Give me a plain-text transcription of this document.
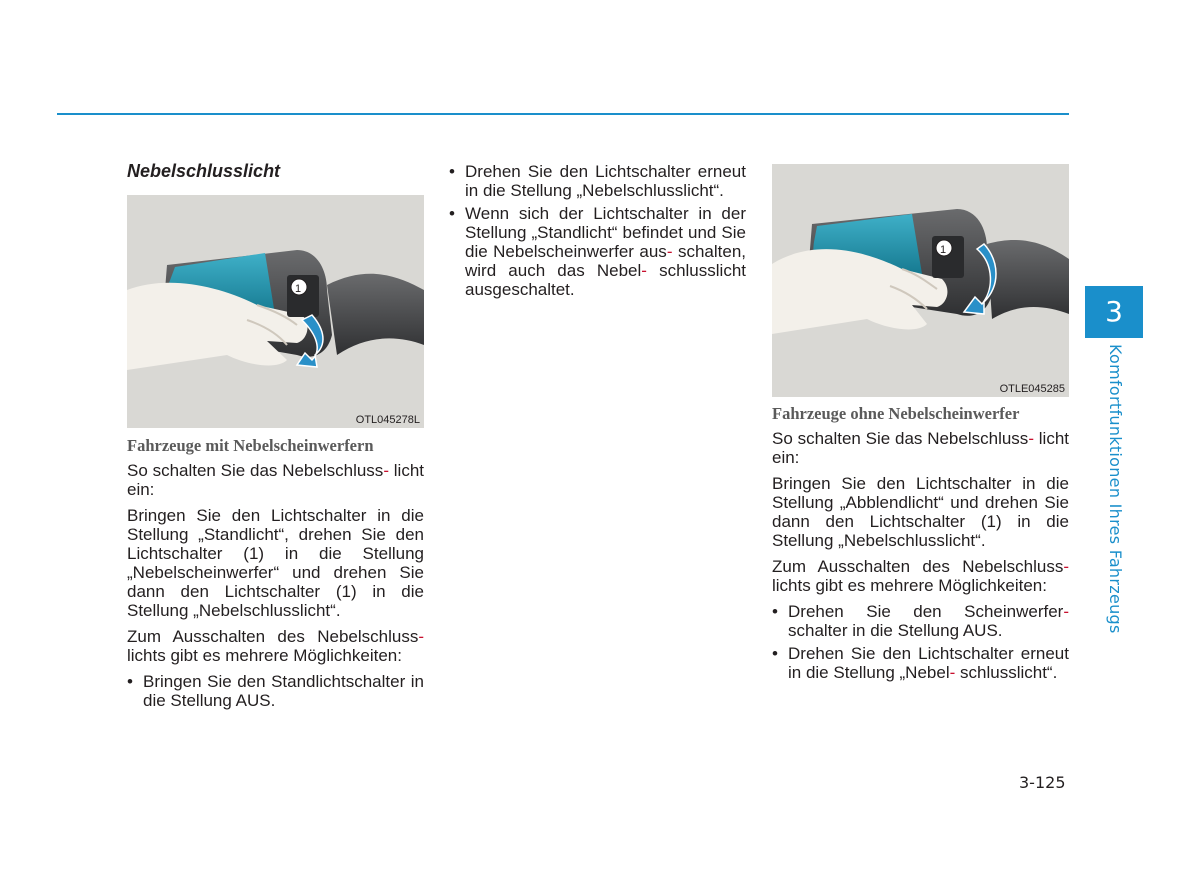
Nebelschlusslicht
1
OTL045278L
Fahrzeuge mit Nebelscheinwerfern

So schalten Sie das Nebelschluss- licht ein:

Bringen Sie den Lichtschalter in die Stellung „Standlicht“, drehen Sie den Lichtschalter (1) in die Stellung „Nebelscheinwerfer“ und drehen Sie dann den Lichtschalter (1) in die Stellung „Nebelschlusslicht“.

Zum Ausschalten des Nebelschluss- lichts gibt es mehrere Möglichkeiten:

• Bringen Sie den Standlichtschalter in die Stellung AUS.
• Drehen Sie den Lichtschalter erneut in die Stellung „Nebelschlusslicht“.
• Wenn sich der Lichtschalter in der Stellung „Standlicht“ befindet und Sie die Nebelscheinwerfer aus- schalten, wird auch das Nebel- schlusslicht ausgeschaltet.
1
OTLE045285
Fahrzeuge ohne Nebelscheinwerfer

So schalten Sie das Nebelschluss- licht ein:

Bringen Sie den Lichtschalter in die Stellung „Abblendlicht“ und drehen Sie dann den Lichtschalter (1) in die Stellung „Nebelschlusslicht“.

Zum Ausschalten des Nebelschluss- lichts gibt es mehrere Möglichkeiten:

• Drehen Sie den Scheinwerfer- schalter in die Stellung AUS.
• Drehen Sie den Lichtschalter erneut in die Stellung „Nebel- schlusslicht“.
3
Komfortfunktionen Ihres Fahrzeugs
3-125
